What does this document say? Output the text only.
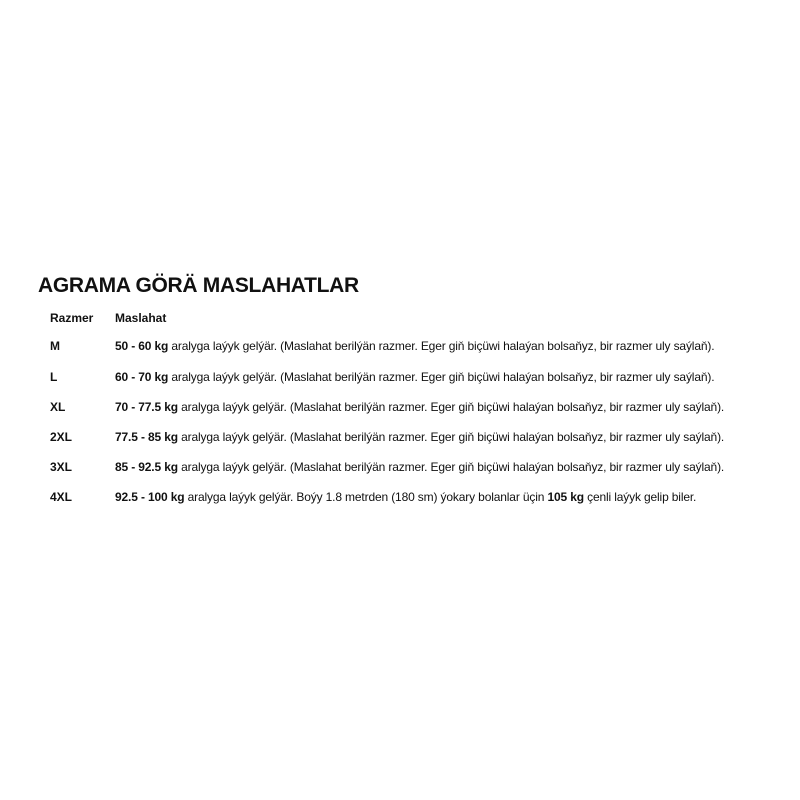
AGRAMA GÖRÄ MASLAHATLAR
Razmer Maslahat
M	50 - 60 kg aralyga laýyk gelýär. (Maslahat berilýän razmer. Eger giň biçüwi halaýan bolsaňyz, bir razmer uly saýlaň).
L	60 - 70 kg aralyga laýyk gelýär. (Maslahat berilýän razmer. Eger giň biçüwi halaýan bolsaňyz, bir razmer uly saýlaň).
XL	70 - 77.5 kg aralyga laýyk gelýär. (Maslahat berilýän razmer. Eger giň biçüwi halaýan bolsaňyz, bir razmer uly saýlaň).
2XL	77.5 - 85 kg aralyga laýyk gelýär. (Maslahat berilýän razmer. Eger giň biçüwi halaýan bolsaňyz, bir razmer uly saýlaň).
3XL	85 - 92.5 kg aralyga laýyk gelýär. (Maslahat berilýän razmer. Eger giň biçüwi halaýan bolsaňyz, bir razmer uly saýlaň).
4XL	92.5 - 100 kg aralyga laýyk gelýär. Boýy 1.8 metrden (180 sm) ýokary bolanlar üçin 105 kg çenli laýyk gelip biler.
